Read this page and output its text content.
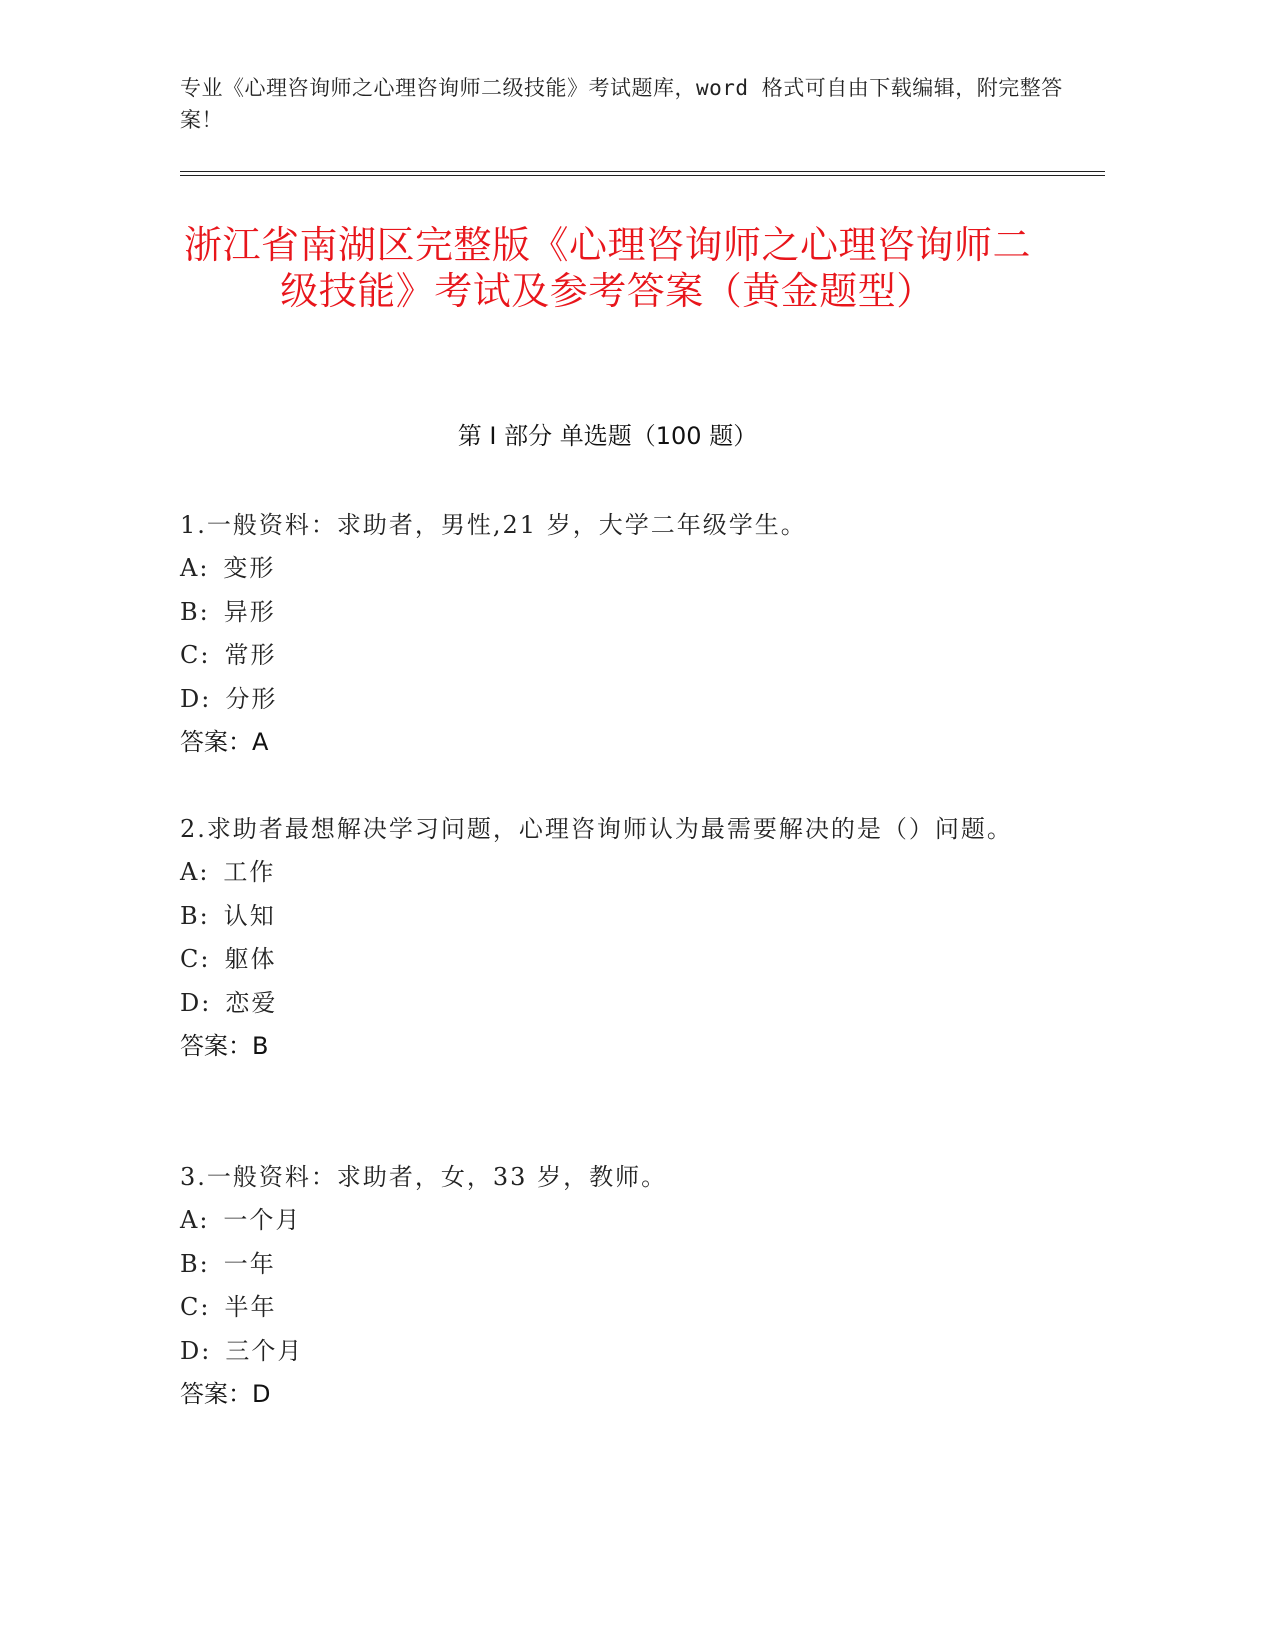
专业《心理咨询师之心理咨询师二级技能》考试题库，word 格式可自由下载编辑，附完整答案！
浙江省南湖区完整版《心理咨询师之心理咨询师二级技能》考试及参考答案（黄金题型）
第 I 部分 单选题（100 题）
1.一般资料：求助者，男性,21 岁，大学二年级学生。
A: 变形
B: 异形
C: 常形
D: 分形
答案：A
2.求助者最想解决学习问题，心理咨询师认为最需要解决的是（）问题。
A: 工作
B: 认知
C: 躯体
D: 恋爱
答案：B
3.一般资料：求助者，女，33 岁，教师。
A: 一个月
B: 一年
C: 半年
D: 三个月
答案：D
